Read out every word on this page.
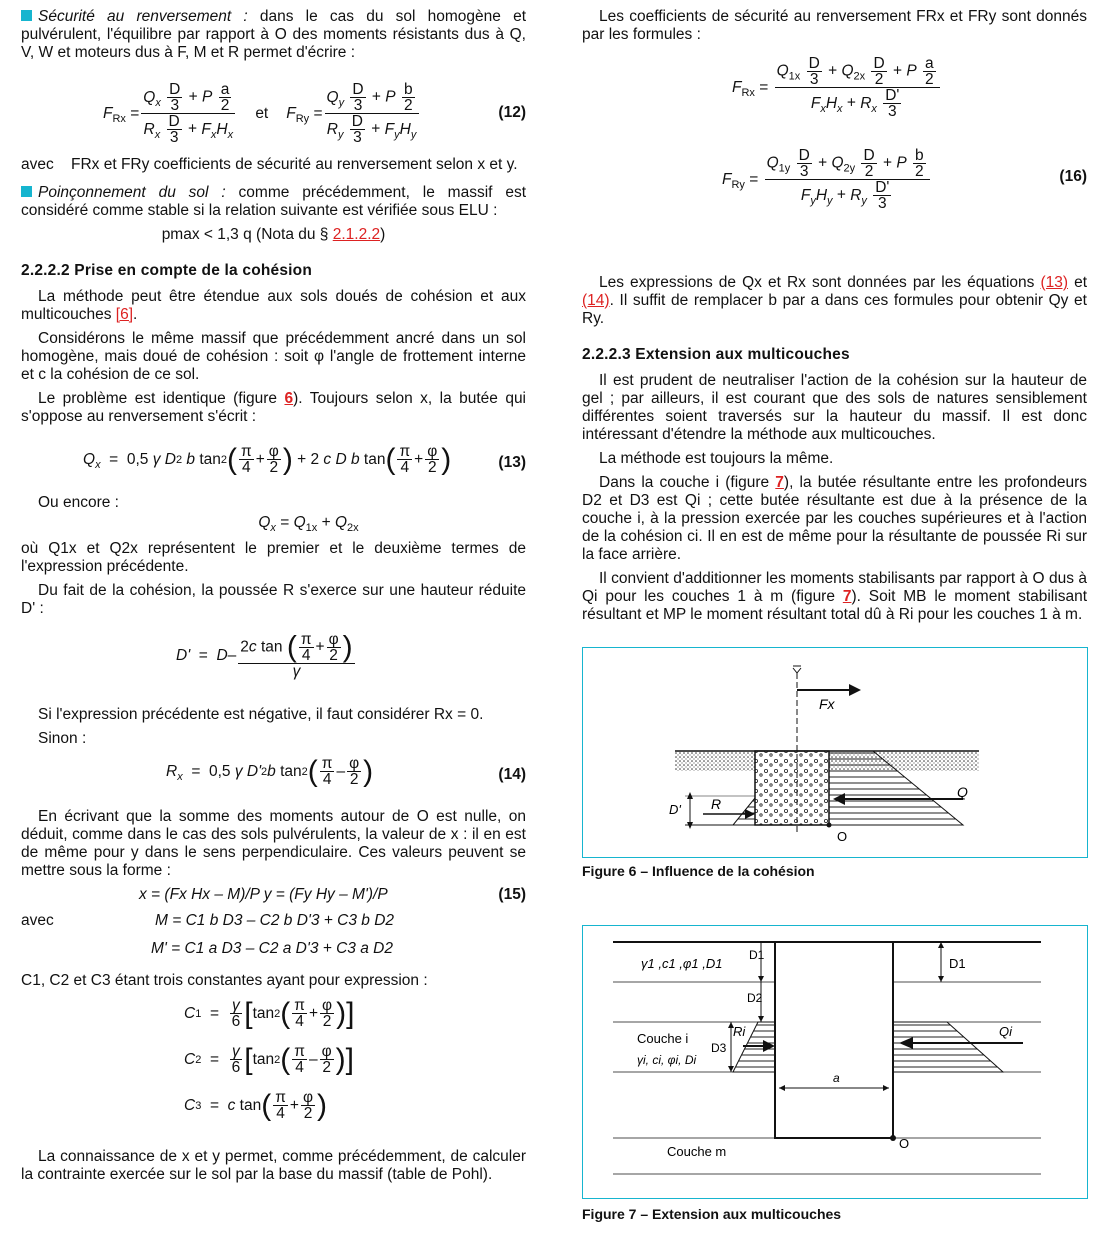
Sécurité au renversement : dans le cas du sol homogène et pulvérulent, l'équilibre par rapport à O des moments résistants dus à Q, V, W et moteurs dus à F, M et R permet d'écrire :

$F_{Rx} = \frac{Q_x \frac{D}{3} + P \frac{a}{2}}{R_x \frac{D}{3} + F_xH_x}$ et $F_{Ry} = \frac{Q_y \frac{D}{3} + P \frac{b}{2}}{R_y \frac{D}{3} + F_yH_y}$	(12)

avec	FRx et FRy coefficients de sécurité au renversement selon x et y.

Poinçonnement du sol : comme précédemment, le massif est considéré comme stable si la relation suivante est vérifiée sous ELU :

pmax < 1,3 q (Nota du § 2.1.2.2)

2.2.2.2 Prise en compte de la cohésion

La méthode peut être étendue aux sols doués de cohésion et aux multicouches [6].

Considérons le même massif que précédemment ancré dans un sol homogène, mais doué de cohésion : soit φ l'angle de frottement interne et c la cohésion de ce sol.

Le problème est identique (figure 6). Toujours selon x, la butée qui s'oppose au renversement s'écrit :

$Q_x = 0,5$ γ D 2
b tan 2 ( $\frac{\pi}{4} + \frac{\varphi}{2}$ ) + 2 c D b tan ( $\frac{\pi}{4} + \frac{\varphi}{2}$ )	(13)

Ou encore :

$Q_x = Q_{1x} + Q_{2x}$

où Q1x et Q2x représentent le premier et le deuxième termes de l'expression précédente.

Du fait de la cohésion, la poussée R s'exerce sur une hauteur réduite D' :

$D' = D - \frac{2c \tan ( \frac{\pi}{4} + \frac{\varphi}{2} )}{\gamma}$

Si l'expression précédente est négative, il faut considérer Rx = 0.

Sinon :

$R_x = 0,5$ γ D' 2 b tan 2 ( $\frac{\pi}{4} - \frac{\varphi}{2}$ )	(14)

En écrivant que la somme des moments autour de O est nulle, on déduit, comme dans le cas des sols pulvérulents, la valeur de x : il en est de même pour y dans le sens perpendiculaire. Ces valeurs peuvent se mettre sous la forme :

x = (Fx Hx – M)/P y = (Fy Hy – M')/P	(15)
avec	M = C1 b D3 – C2 b D'3 + C3 b D2
M' = C1 a D3 – C2 a D'3 + C3 a D2

C1, C2 et C3 étant trois constantes ayant pour expression :

C $1 = \frac{\gamma}{6}$ [ tan 2 ( $\frac{\pi}{4} + \frac{\varphi}{2}$ ) ]
C $2 = \frac{\gamma}{6}$ [ tan 2 ( $\frac{\pi}{4} - \frac{\varphi}{2}$ ) ]
C 3 = c tan ( $\frac{\pi}{4} + \frac{\varphi}{2}$ )

La connaissance de x et y permet, comme précédemment, de calculer la contrainte exercée sur le sol par la base du massif (table de Pohl).

Les coefficients de sécurité au renversement FRx et FRy sont donnés par les formules :

$F_{Rx} = \frac{Q_{1x} \frac{D}{3} + Q_{2x} \frac{D}{2} + P \frac{a}{2}}{F_xH_x + R_x \frac{D'}{3}}$
(16)
$F_{Ry} = \frac{Q_{1y} \frac{D}{3} + Q_{2y} \frac{D}{2} + P \frac{b}{2}}{F_yH_y + R_y \frac{D'}{3}}$

Les expressions de Qx et Rx sont données par les équations (13) et (14). Il suffit de remplacer b par a dans ces formules pour obtenir Qy et Ry.

2.2.2.3 Extension aux multicouches

Il est prudent de neutraliser l'action de la cohésion sur la hauteur de gel ; par ailleurs, il est courant que des sols de natures sensiblement différentes soient traversés sur la hauteur du massif. Il est donc intéressant d'étendre la méthode aux multicouches.

La méthode est toujours la même.

Dans la couche i (figure 7), la butée résultante entre les profondeurs D2 et D3 est Qi ; cette butée résultante est due à la présence de la couche i, à la pression exercée par les couches supérieures et à l'action de la cohésion ci. Il en est de même pour la résultante de poussée Ri sur la face arrière.

Il convient d'additionner les moments stabilisants par rapport à O dus à Qi pour les couches 1 à m (figure 7). Soit MB le moment stabilisant résultant et MP le moment résultant total dû à Ri pour les couches 1 à m.

Fx
D' R
Q
O
Figure 6 – Influence de la cohésion
γ1 ,c1 ,φ1 ,D1
D1
D1
D2
D3
Couche i
γi, ci, φi, Di
Ri	Qi
a
O
Couche m
Figure 7 – Extension aux multicouches
